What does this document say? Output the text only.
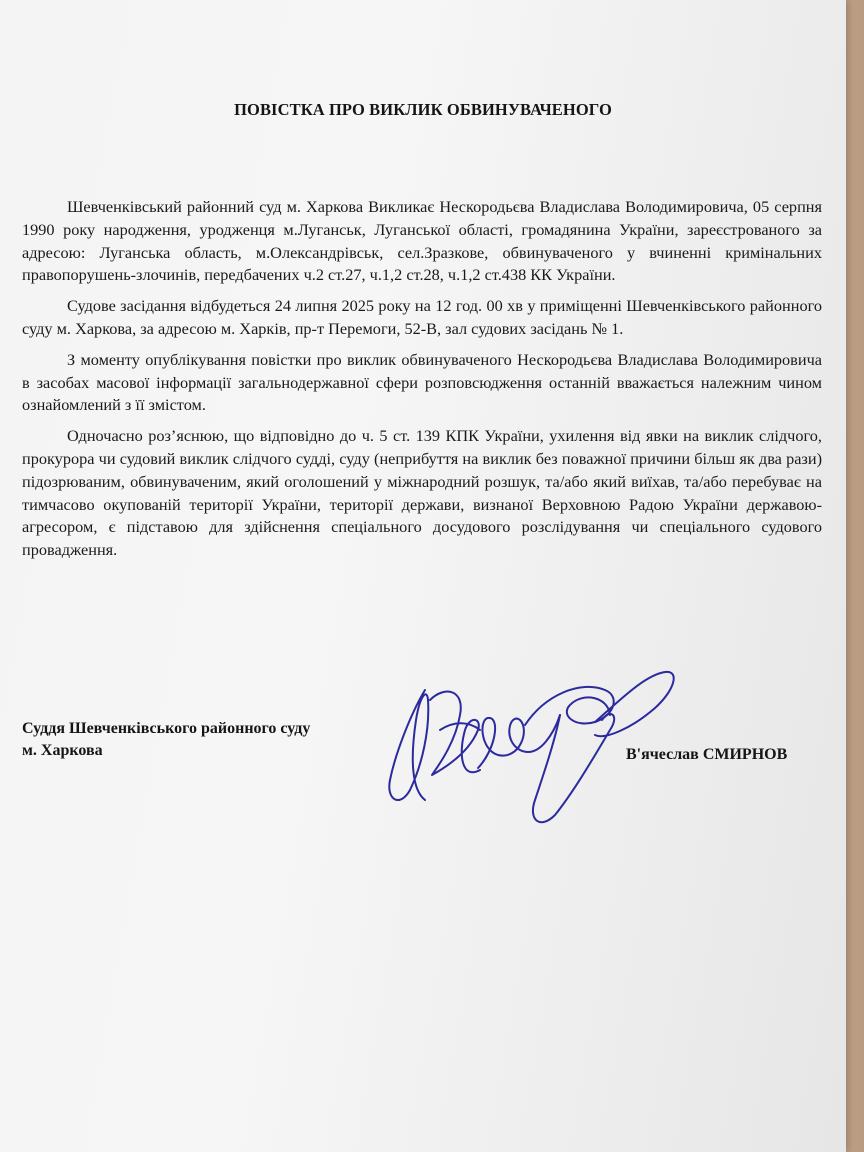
ПОВІСТКА ПРО ВИКЛИК ОБВИНУВАЧЕНОГО

Шевченківський районний суд м. Харкова Викликає Нескородьєва Владислава Володимировича, 05 серпня 1990 року народження, уродженця м.Луганськ, Луганської області, громадянина України, зареєстрованого за адресою: Луганська область, м.Олександрівськ, сел.Зразкове, обвинуваченого у вчиненні кримінальних правопорушень-злочинів, передбачених ч.2 ст.27, ч.1,2 ст.28, ч.1,2 ст.438 КК України.

Судове засідання відбудеться 24 липня 2025 року на 12 год. 00 хв у приміщенні Шевченківського районного суду м. Харкова, за адресою м. Харків, пр-т Перемоги, 52-В, зал судових засідань № 1.

З моменту опублікування повістки про виклик обвинуваченого Нескородьєва Владислава Володимировича в засобах масової інформації загальнодержавної сфери розповсюдження останній вважається належним чином ознайомлений з її змістом.

Одночасно роз’яснюю, що відповідно до ч. 5 ст. 139 КПК України, ухилення від явки на виклик слідчого, прокурора чи судовий виклик слідчого судді, суду (неприбуття на виклик без поважної причини більш як два рази) підозрюваним, обвинуваченим, який оголошений у міжнародний розшук, та/або який виїхав, та/або перебуває на тимчасово окупованій території України, території держави, визнаної Верховною Радою України державою-агресором, є підставою для здійснення спеціального досудового розслідування чи спеціального судового провадження.

Суддя Шевченківського районного суду
м. Харкова	В'ячеслав СМИРНОВ
